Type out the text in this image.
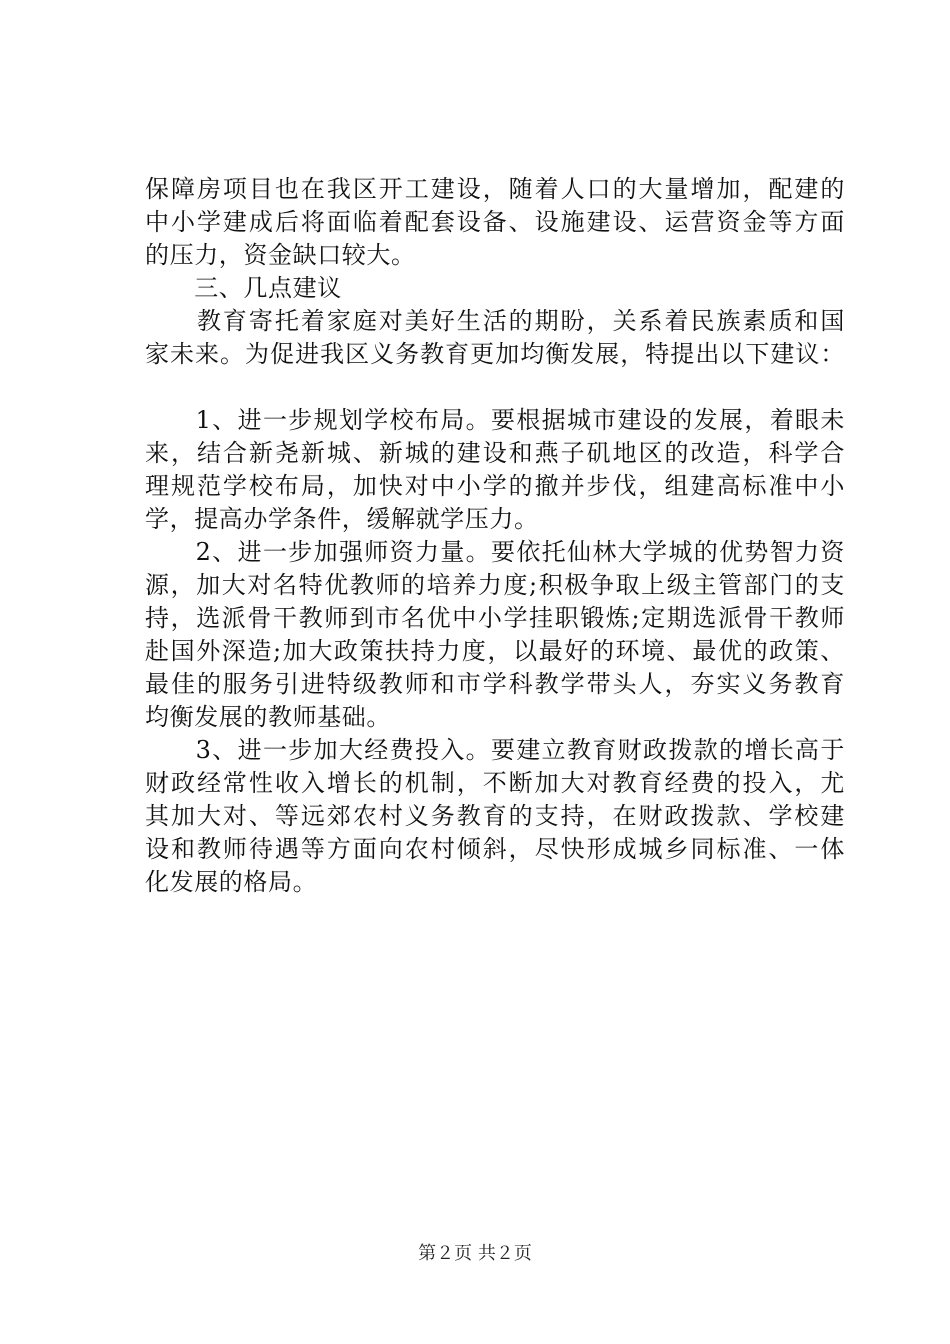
保障房项目也在我区开工建设，随着人口的大量增加，配建的
中小学建成后将面临着配套设备、设施建设、运营资金等方面
的压力，资金缺口较大。
　　三、几点建议
　　教育寄托着家庭对美好生活的期盼，关系着民族素质和国
家未来。为促进我区义务教育更加均衡发展，特提出以下建议：
　　1、进一步规划学校布局。要根据城市建设的发展，着眼未
来，结合新尧新城、新城的建设和燕子矶地区的改造，科学合
理规范学校布局，加快对中小学的撤并步伐，组建高标准中小
学，提高办学条件，缓解就学压力。
　　2、进一步加强师资力量。要依托仙林大学城的优势智力资
源，加大对名特优教师的培养力度;积极争取上级主管部门的支
持，选派骨干教师到市名优中小学挂职锻炼;定期选派骨干教师
赴国外深造;加大政策扶持力度，以最好的环境、最优的政策、
最佳的服务引进特级教师和市学科教学带头人，夯实义务教育
均衡发展的教师基础。
　　3、进一步加大经费投入。要建立教育财政拨款的增长高于
财政经常性收入增长的机制，不断加大对教育经费的投入，尤
其加大对、等远郊农村义务教育的支持，在财政拨款、学校建
设和教师待遇等方面向农村倾斜，尽快形成城乡同标准、一体
化发展的格局。
第２页 共２页
